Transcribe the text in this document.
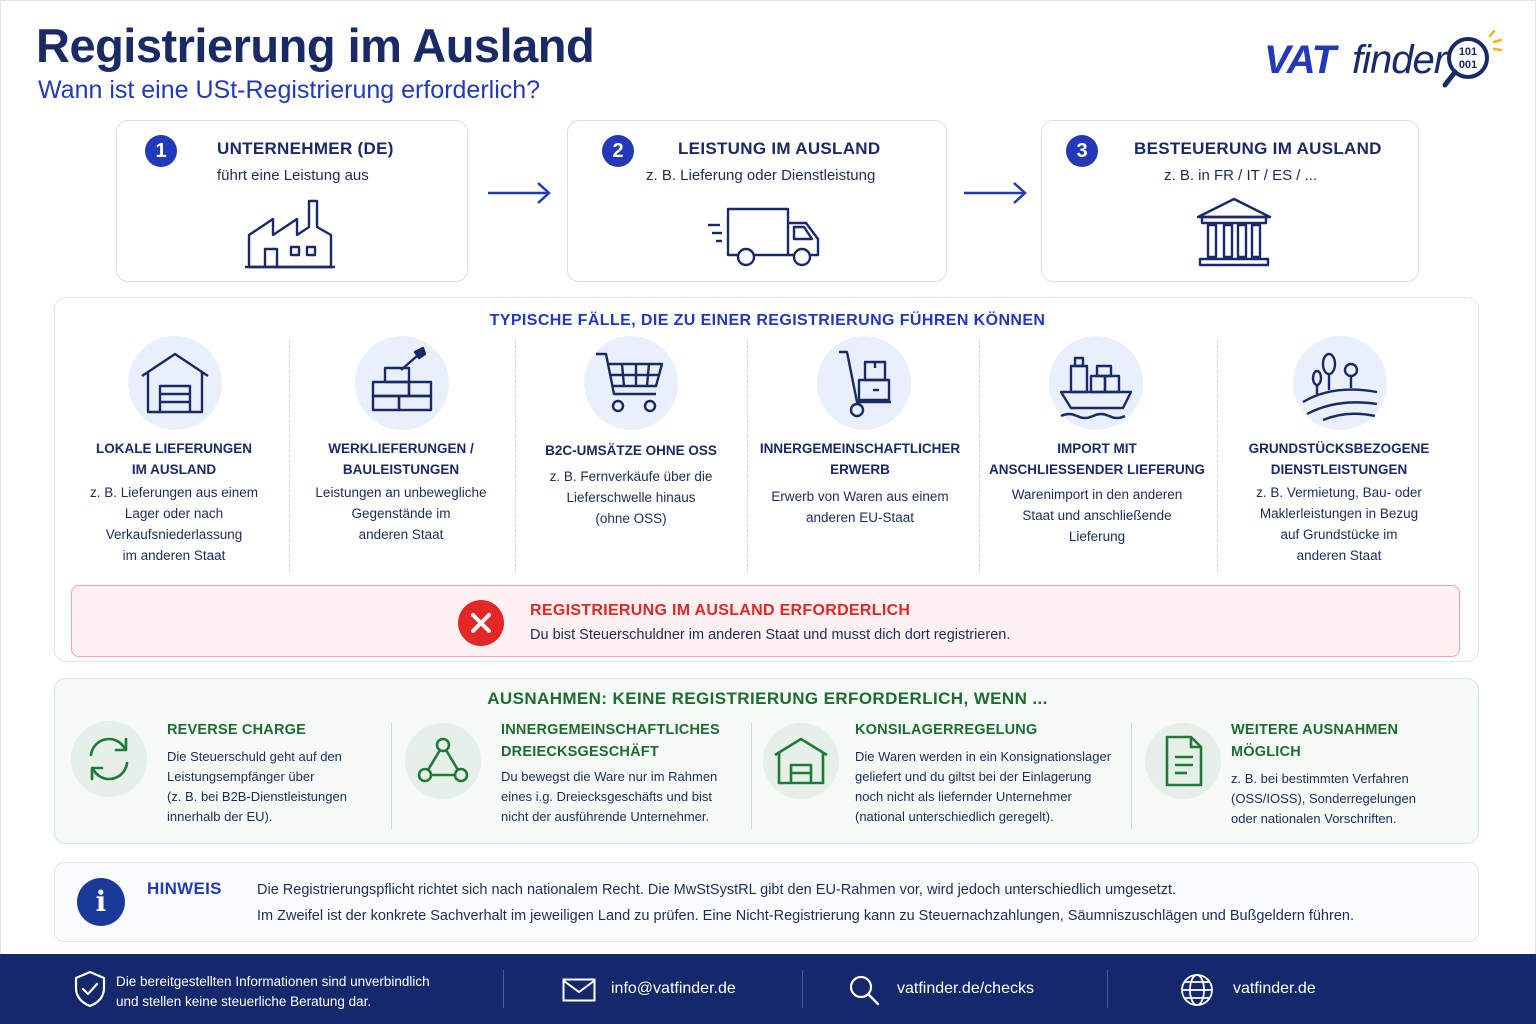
Registrierung im Ausland
Wann ist eine USt-Registrierung erforderlich?
VAT finder 101
001
1	UNTERNEHMER (DE)
führt eine Leistung aus
2	LEISTUNG IM AUSLAND
z. B. Lieferung oder Dienstleistung
3	BESTEUERUNG IM AUSLAND
z. B. in FR / IT / ES / ...
TYPISCHE FÄLLE, DIE ZU EINER REGISTRIERUNG FÜHREN KÖNNEN
LOKALE LIEFERUNGEN
IM AUSLAND
z. B. Lieferungen aus einem
Lager oder nach
Verkaufsniederlassung
im anderen Staat
WERKLIEFERUNGEN /
BAULEISTUNGEN
Leistungen an unbewegliche
Gegenstände im
anderen Staat
B2C-UMSÄTZE OHNE OSS
z. B. Fernverkäufe über die
Lieferschwelle hinaus
(ohne OSS)
INNERGEMEINSCHAFTLICHER
ERWERB
Erwerb von Waren aus einem
anderen EU-Staat
IMPORT MIT
ANSCHLIESSENDER LIEFERUNG
Warenimport in den anderen
Staat und anschließende
Lieferung
GRUNDSTÜCKSBEZOGENE
DIENSTLEISTUNGEN
z. B. Vermietung, Bau- oder
Maklerleistungen in Bezug
auf Grundstücke im
anderen Staat
REGISTRIERUNG IM AUSLAND ERFORDERLICH
Du bist Steuerschuldner im anderen Staat und musst dich dort registrieren.
AUSNAHMEN: KEINE REGISTRIERUNG ERFORDERLICH, WENN ...
REVERSE CHARGE
Die Steuerschuld geht auf den
Leistungsempfänger über
(z. B. bei B2B-Dienstleistungen
innerhalb der EU).
INNERGEMEINSCHAFTLICHES
DREIECKSGESCHÄFT
Du bewegst die Ware nur im Rahmen
eines i.g. Dreiecksgeschäfts und bist
nicht der ausführende Unternehmer.
KONSILAGERREGELUNG
Die Waren werden in ein Konsignationslager
geliefert und du giltst bei der Einlagerung
noch nicht als liefernder Unternehmer
(national unterschiedlich geregelt).
WEITERE AUSNAHMEN
MÖGLICH
z. B. bei bestimmten Verfahren
(OSS/IOSS), Sonderregelungen
oder nationalen Vorschriften.
i	HINWEIS Die Registrierungspflicht richtet sich nach nationalem Recht. Die MwStSystRL gibt den EU-Rahmen vor, wird jedoch unterschiedlich umgesetzt.
Im Zweifel ist der konkrete Sachverhalt im jeweiligen Land zu prüfen. Eine Nicht-Registrierung kann zu Steuernachzahlungen, Säumniszuschlägen und Bußgeldern führen.
Die bereitgestellten Informationen sind unverbindlich
und stellen keine steuerliche Beratung dar.
info@vatfinder.de	vatfinder.de/checks	vatfinder.de
